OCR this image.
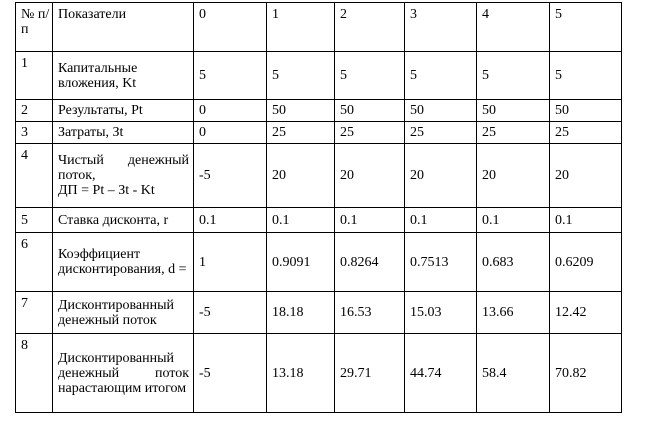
№ п/п	Показатели	0	1	2	3	4	5
1	Капитальные
вложения, Kt	5	5	5	5	5	5
2	Результаты, Pt	0	50	50	50	50	50
3	Затраты, Зt	0	25	25	25	25	25
4	Чистый денежный поток,
ДП = Pt – Зt - Kt	-5	20	20	20	20	20
5	Ставка дисконта, r	0.1	0.1	0.1	0.1	0.1	0.1
6	Коэффициент дисконтирования, d =	1	0.9091	0.8264	0.7513	0.683	0.6209
7	Дисконтированный денежный поток	-5	18.18	16.53	15.03	13.66	12.42
8	Дисконтированный денежный поток нарастающим итогом	-5	13.18	29.71	44.74	58.4	70.82
